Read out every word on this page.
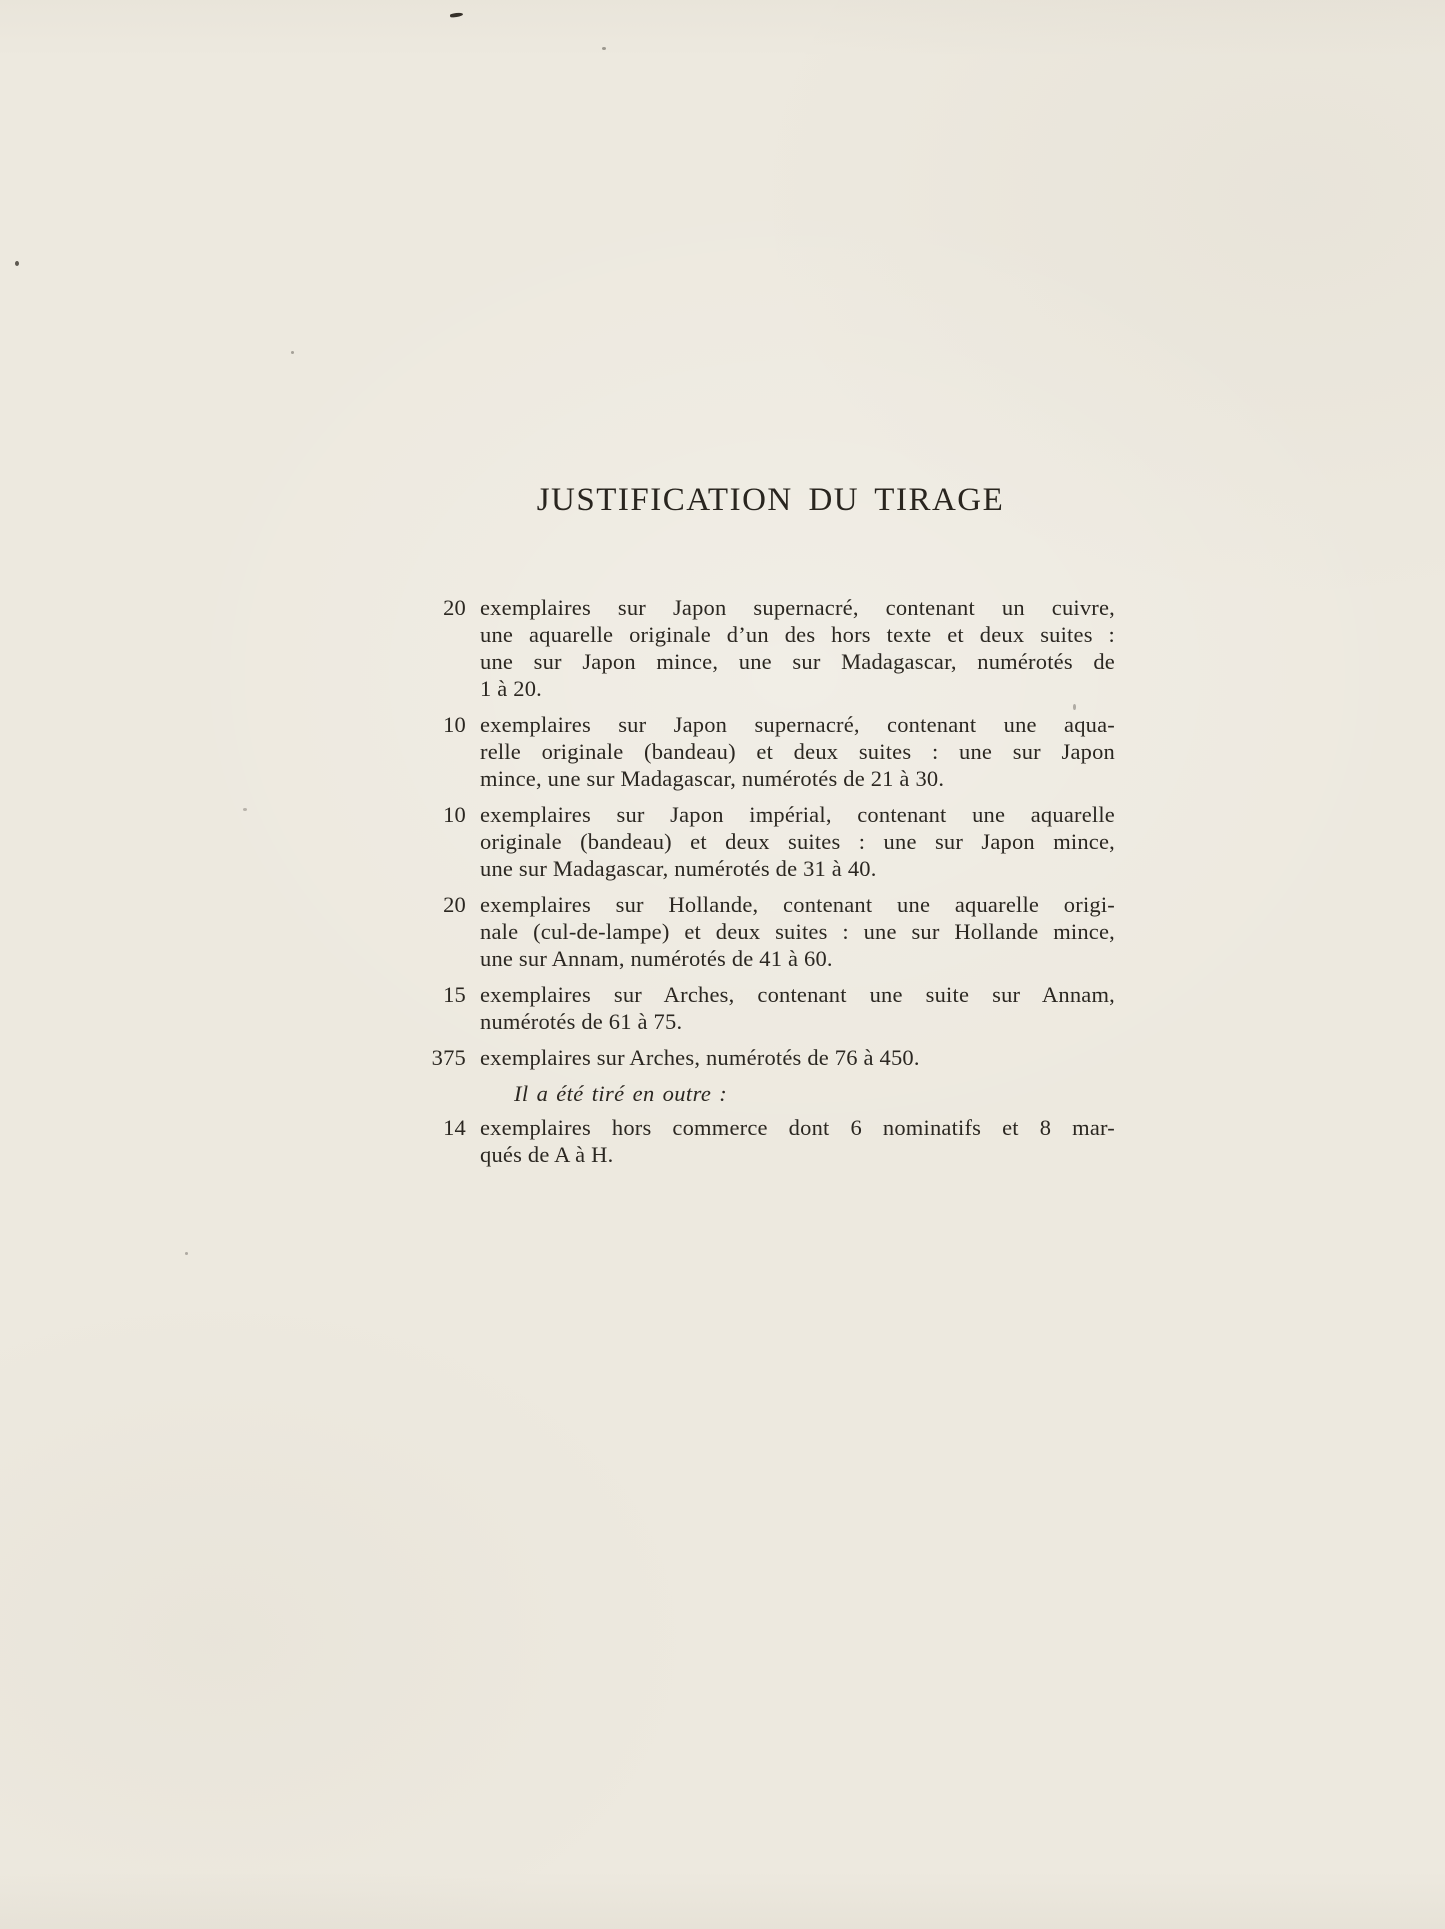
JUSTIFICATION DU TIRAGE
20 exemplaires sur Japon supernacré, contenant un cuivre,
une aquarelle originale d’un des hors texte et deux suites :
une sur Japon mince, une sur Madagascar, numérotés de
1 à 20.
10 exemplaires sur Japon supernacré, contenant une aqua-
relle originale (bandeau) et deux suites : une sur Japon
mince, une sur Madagascar, numérotés de 21 à 30.
10 exemplaires sur Japon impérial, contenant une aquarelle
originale (bandeau) et deux suites : une sur Japon mince,
une sur Madagascar, numérotés de 31 à 40.
20 exemplaires sur Hollande, contenant une aquarelle origi-
nale (cul-de-lampe) et deux suites : une sur Hollande mince,
une sur Annam, numérotés de 41 à 60.
15 exemplaires sur Arches, contenant une suite sur Annam,
numérotés de 61 à 75.
375 exemplaires sur Arches, numérotés de 76 à 450.
Il a été tiré en outre :
14 exemplaires hors commerce dont 6 nominatifs et 8 mar-
qués de A à H.
